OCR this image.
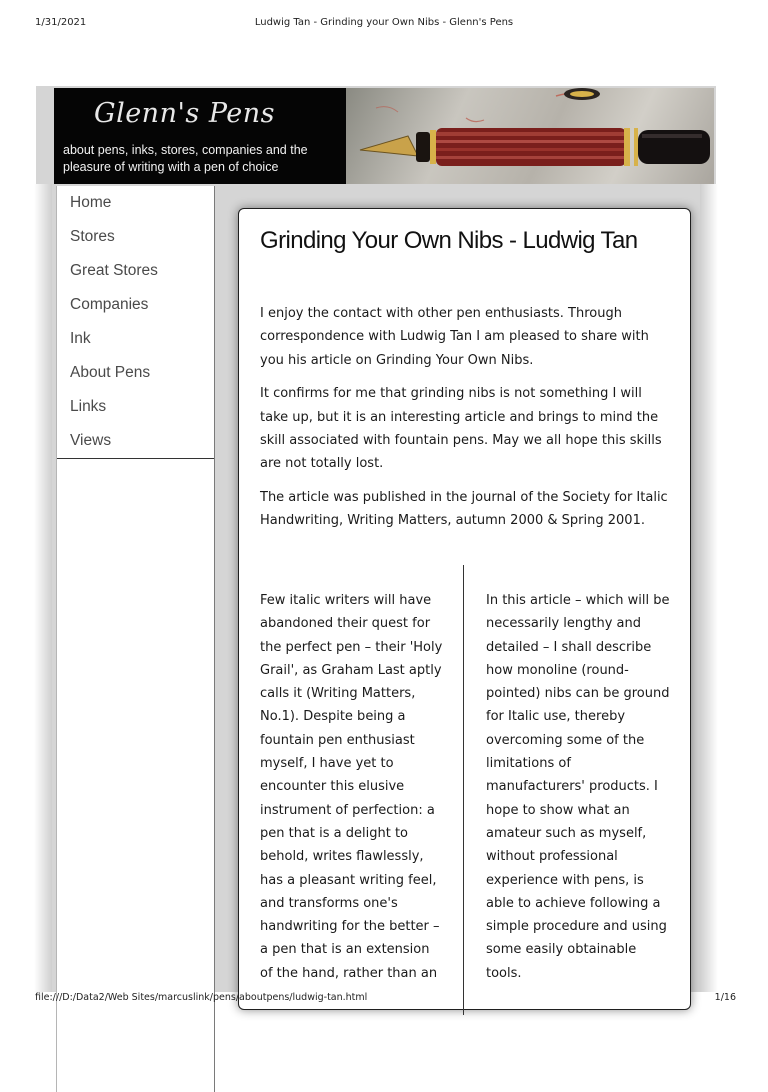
1/31/2021	Ludwig Tan - Grinding your Own Nibs - Glenn's Pens
Glenn's Pens
about pens, inks, stores, companies and the pleasure of writing with a pen of choice
Home
Stores
Great Stores
Companies
Ink
About Pens
Links
Views
Grinding Your Own Nibs - Ludwig Tan

I enjoy the contact with other pen enthusiasts. Through correspondence with Ludwig Tan I am pleased to share with you his article on Grinding Your Own Nibs.

It confirms for me that grinding nibs is not something I will take up, but it is an interesting article and brings to mind the skill associated with fountain pens. May we all hope this skills are not totally lost.

The article was published in the journal of the Society for Italic Handwriting, Writing Matters, autumn 2000 & Spring 2001.

Few italic writers will have abandoned their quest for the perfect pen – their 'Holy Grail', as Graham Last aptly calls it (Writing Matters, No.1). Despite being a fountain pen enthusiast myself, I have yet to encounter this elusive instrument of perfection: a pen that is a delight to behold, writes flawlessly, has a pleasant writing feel, and transforms one's handwriting for the better – a pen that is an extension of the hand, rather than an
In this article – which will be necessarily lengthy and detailed – I shall describe how monoline (round-pointed) nibs can be ground for Italic use, thereby overcoming some of the limitations of manufacturers' products. I hope to show what an amateur such as myself, without professional experience with pens, is able to achieve following a simple procedure and using some easily obtainable tools.
file:///D:/Data2/Web Sites/marcuslink/pens/aboutpens/ludwig-tan.html	1/16
